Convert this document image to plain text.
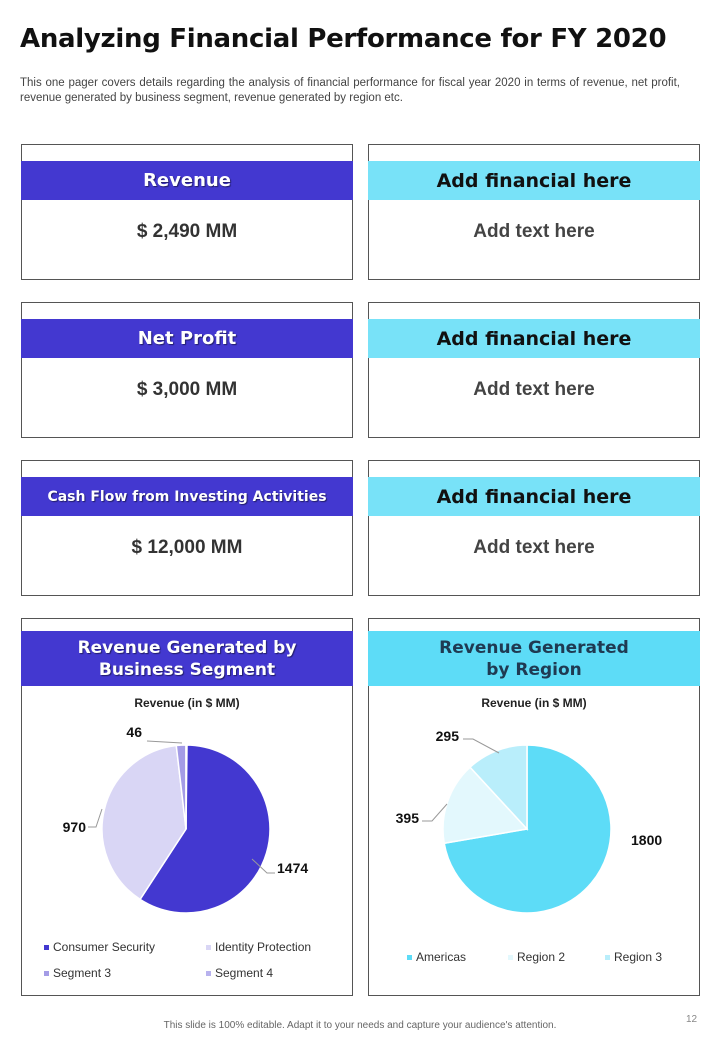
Analyzing Financial Performance for FY 2020
This one pager covers details regarding the analysis of financial performance for fiscal year 2020 in terms of revenue, net profit, revenue generated by business segment, revenue generated by region etc.
Revenue
$ 2,490 MM
Add financial here
Add text here
Net Profit
$ 3,000 MM
Add financial here
Add text here
Cash Flow from Investing Activities
$ 12,000 MM
Add financial here
Add text here
Revenue Generated by
Business Segment
Revenue (in $ MM)
1474
970
46
Consumer Security	Identity Protection
Segment 3	Segment 4
Revenue Generated
by Region
Revenue (in $ MM)
1800
395
295
Americas	Region 2	Region 3
This slide is 100% editable. Adapt it to your needs and capture your audience's attention.
12
